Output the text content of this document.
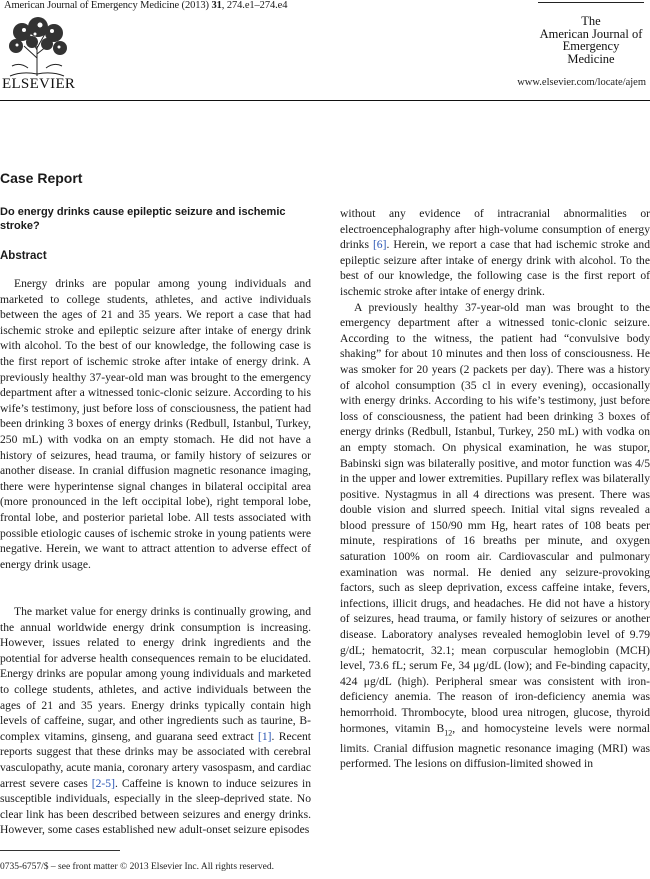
American Journal of Emergency Medicine (2013) 31, 274.e1–274.e4
ELSEVIER
The
American Journal of
Emergency Medicine
www.elsevier.com/locate/ajem
Case Report
Do energy drinks cause epileptic seizure and ischemic stroke?
Abstract

Energy drinks are popular among young individuals and marketed to college students, athletes, and active individuals between the ages of 21 and 35 years. We report a case that had ischemic stroke and epileptic seizure after intake of energy drink with alcohol. To the best of our knowledge, the following case is the first report of ischemic stroke after intake of energy drink. A previously healthy 37-year-old man was brought to the emergency department after a witnessed tonic-clonic seizure. According to his wife’s testimony, just before loss of consciousness, the patient had been drinking 3 boxes of energy drinks (Redbull, Istanbul, Turkey, 250 mL) with vodka on an empty stomach. He did not have a history of seizures, head trauma, or family history of seizures or another disease. In cranial diffusion magnetic resonance imaging, there were hyperintense signal changes in bilateral occipital area (more pronounced in the left occipital lobe), right temporal lobe, frontal lobe, and posterior parietal lobe. All tests associated with possible etiologic causes of ischemic stroke in young patients were negative. Herein, we want to attract attention to adverse effect of energy drink usage.

The market value for energy drinks is continually growing, and the annual worldwide energy drink consumption is increasing. However, issues related to energy drink ingredients and the potential for adverse health consequences remain to be elucidated. Energy drinks are popular among young individuals and marketed to college students, athletes, and active individuals between the ages of 21 and 35 years. Energy drinks typically contain high levels of caffeine, sugar, and other ingredients such as taurine, B-complex vitamins, ginseng, and guarana seed extract [1]. Recent reports suggest that these drinks may be associated with cerebral vasculopathy, acute mania, coronary artery vasospasm, and cardiac arrest severe cases [2-5]. Caffeine is known to induce seizures in susceptible individuals, especially in the sleep-deprived state. No clear link has been described between seizures and energy drinks. However, some cases established new adult-onset seizure episodes

without any evidence of intracranial abnormalities or electroencephalography after high-volume consumption of energy drinks [6]. Herein, we report a case that had ischemic stroke and epileptic seizure after intake of energy drink with alcohol. To the best of our knowledge, the following case is the first report of ischemic stroke after intake of energy drink.

A previously healthy 37-year-old man was brought to the emergency department after a witnessed tonic-clonic seizure. According to the witness, the patient had “convulsive body shaking” for about 10 minutes and then loss of consciousness. He was smoker for 20 years (2 packets per day). There was a history of alcohol consumption (35 cl in every evening), occasionally with energy drinks. According to his wife’s testimony, just before loss of consciousness, the patient had been drinking 3 boxes of energy drinks (Redbull, Istanbul, Turkey, 250 mL) with vodka on an empty stomach. On physical examination, he was stupor, Babinski sign was bilaterally positive, and motor function was 4/5 in the upper and lower extremities. Pupillary reflex was bilaterally positive. Nystagmus in all 4 directions was present. There was double vision and slurred speech. Initial vital signs revealed a blood pressure of 150/90 mm Hg, heart rates of 108 beats per minute, respirations of 16 breaths per minute, and oxygen saturation 100% on room air. Cardiovascular and pulmonary examination was normal. He denied any seizure-provoking factors, such as sleep deprivation, excess caffeine intake, fevers, infections, illicit drugs, and headaches. He did not have a history of seizures, head trauma, or family history of seizures or another disease. Laboratory analyses revealed hemoglobin level of 9.79 g/dL; hematocrit, 32.1; mean corpuscular hemoglobin (MCH) level, 73.6 fL; serum Fe, 34 μg/dL (low); and Fe-binding capacity, 424 μg/dL (high). Peripheral smear was consistent with iron-deficiency anemia. The reason of iron-deficiency anemia was hemorrhoid. Thrombocyte, blood urea nitrogen, glucose, thyroid hormones, vitamin $B_{12}$, and homocysteine levels were normal limits. Cranial diffusion magnetic resonance imaging (MRI) was performed. The lesions on diffusion-limited showed in

0735-6757/$ – see front matter © 2013 Elsevier Inc. All rights reserved.
